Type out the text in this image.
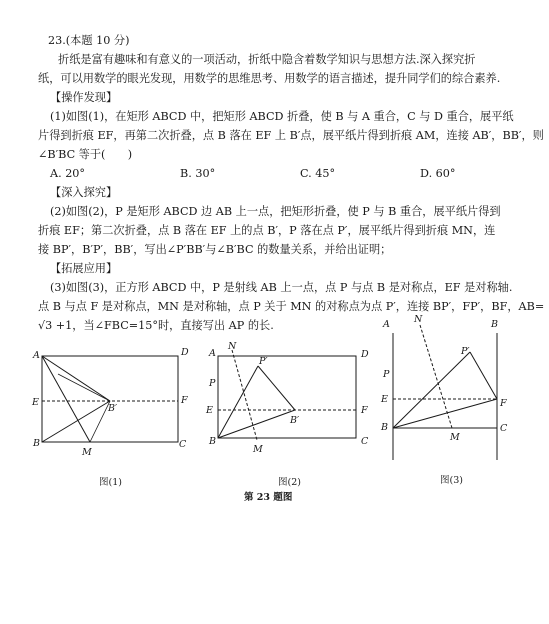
23.(本题 10 分)
折纸是富有趣味和有意义的一项活动，折纸中隐含着数学知识与思想方法.深入探究折
纸，可以用数学的眼光发现，用数学的思维思考、用数学的语言描述，提升同学们的综合素养.
【操作发现】
(1)如图(1)，在矩形 ABCD 中，把矩形 ABCD 折叠，使 B 与 A 重合，C 与 D 重合，展平纸
片得到折痕 EF，再第二次折叠，点 B 落在 EF 上 B′点，展平纸片得到折痕 AM，连接 AB′，BB′，则
∠B′BC 等于(　　)
A. 20°	B. 30°	C. 45°	D. 60°
【深入探究】
(2)如图(2)，P 是矩形 ABCD 边 AB 上一点，把矩形折叠，使 P 与 B 重合，展平纸片得到
折痕 EF；第二次折叠，点 B 落在 EF 上的点 B′，P 落在点 P′，展平纸片得到折痕 MN，连
接 BP′，B′P′，BB′，写出∠P′BB′与∠B′BC 的数量关系，并给出证明；
【拓展应用】
(3)如图(3)，正方形 ABCD 中，P 是射线 AB 上一点，点 P 与点 B 是对称点，EF 是对称轴.
点 B 与点 F 是对称点，MN 是对称轴，点 P 关于 MN 的对称点为点 P′，连接 BP′，FP′，BF，AB=
√3 +1，当∠FBC=15°时，直接写出 AP 的长.
A	D
E	F
B′
B
M
C
A
N
P′
D
P
E	F
B′
B
M
C
A	N	B
P′
P
E	F
B
M
C
图(1)	图(2)	图(3)
第 23 题图
